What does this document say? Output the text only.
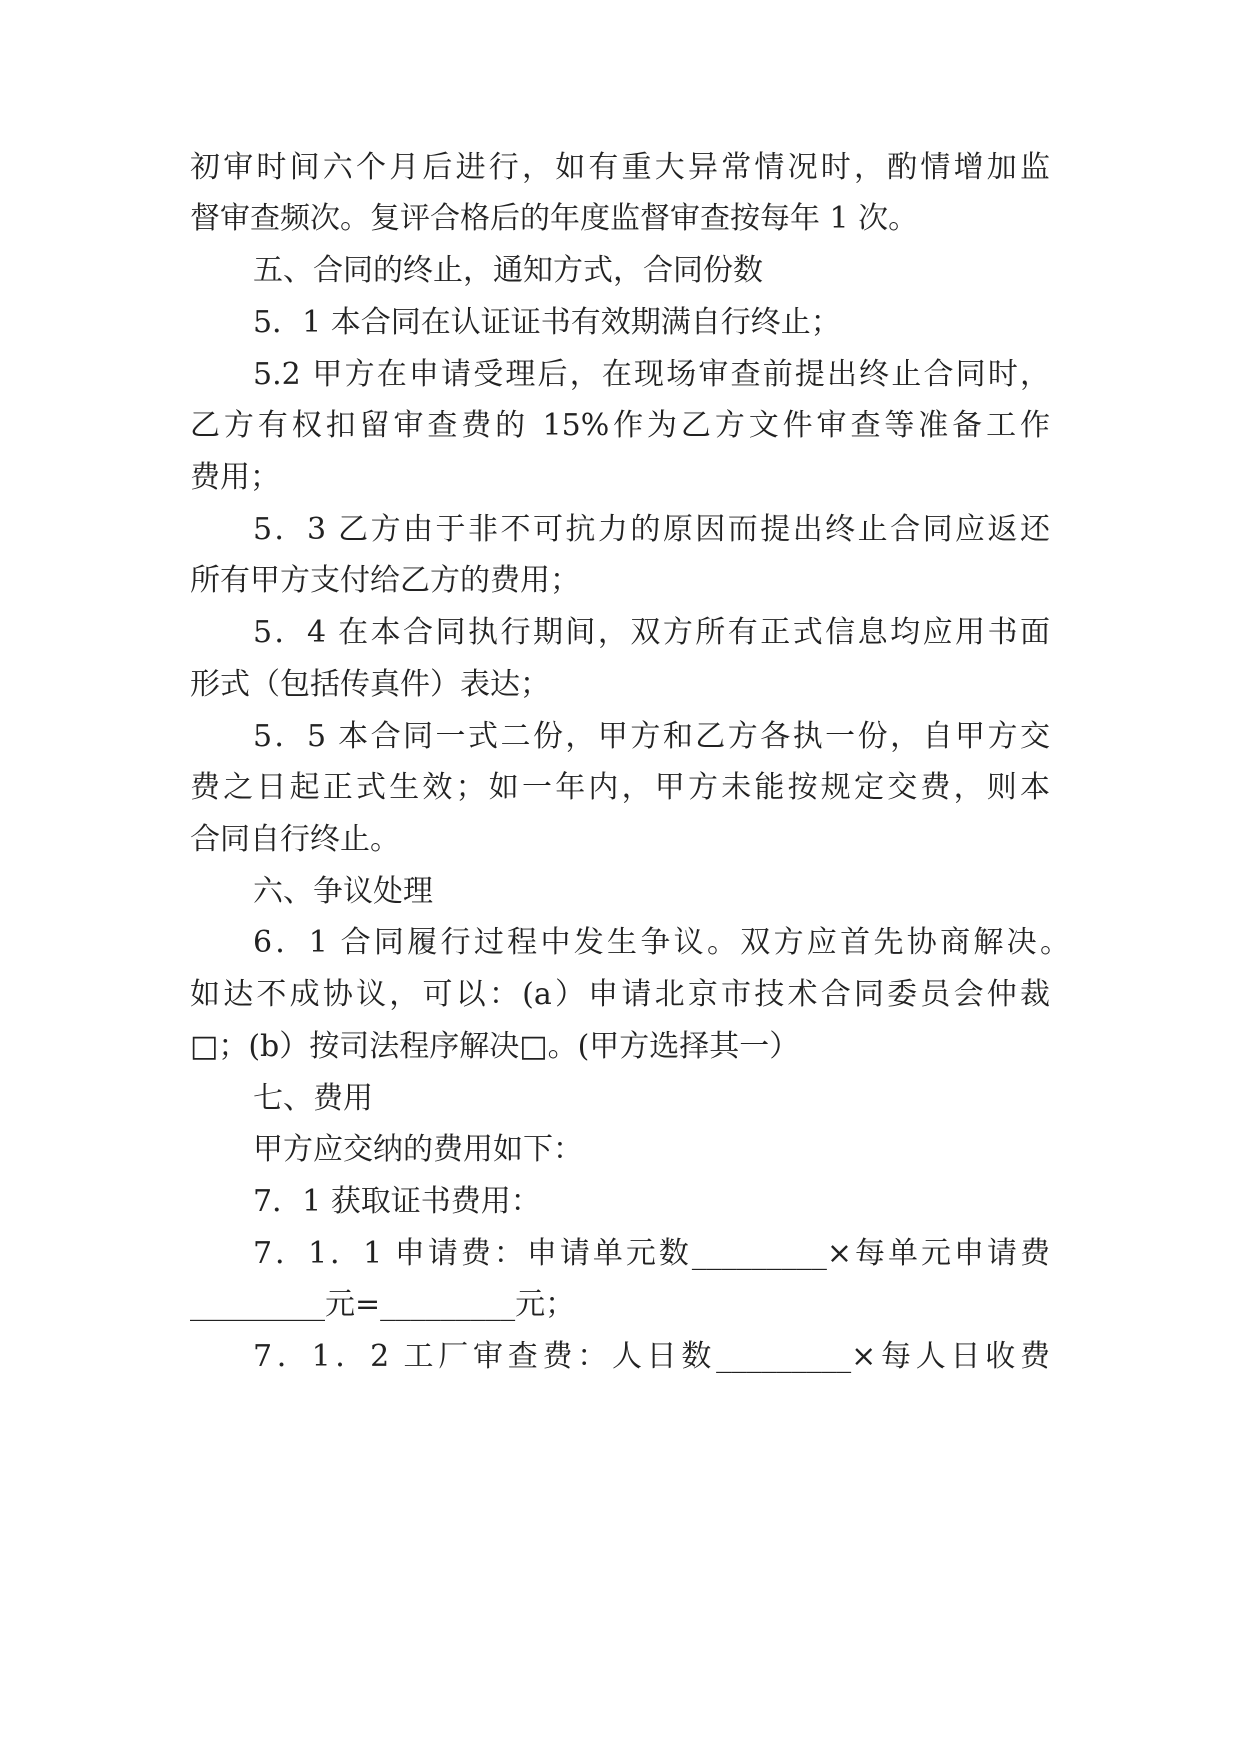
初审时间六个月后进行，如有重大异常情况时，酌情增加监
督审查频次。复评合格后的年度监督审查按每年 1 次。
五、合同的终止，通知方式，合同份数
5．1 本合同在认证证书有效期满自行终止；
5.2 甲方在申请受理后，在现场审查前提出终止合同时，
乙方有权扣留审查费的 15%作为乙方文件审查等准备工作
费用；
5．3 乙方由于非不可抗力的原因而提出终止合同应返还
所有甲方支付给乙方的费用；
5．4 在本合同执行期间，双方所有正式信息均应用书面
形式（包括传真件）表达；
5．5 本合同一式二份，甲方和乙方各执一份，自甲方交
费之日起正式生效；如一年内，甲方未能按规定交费，则本
合同自行终止。
六、争议处理
6．1 合同履行过程中发生争议。双方应首先协商解决。
如达不成协议，可以：(a）申请北京市技术合同委员会仲裁
□；(b）按司法程序解决□。(甲方选择其一）
七、费用
甲方应交纳的费用如下：
7．1 获取证书费用：
7．1．1 申请费：申请单元数_________×每单元申请费
_________元=_________元；
7．1．2 工厂审查费：人日数_________×每人日收费
